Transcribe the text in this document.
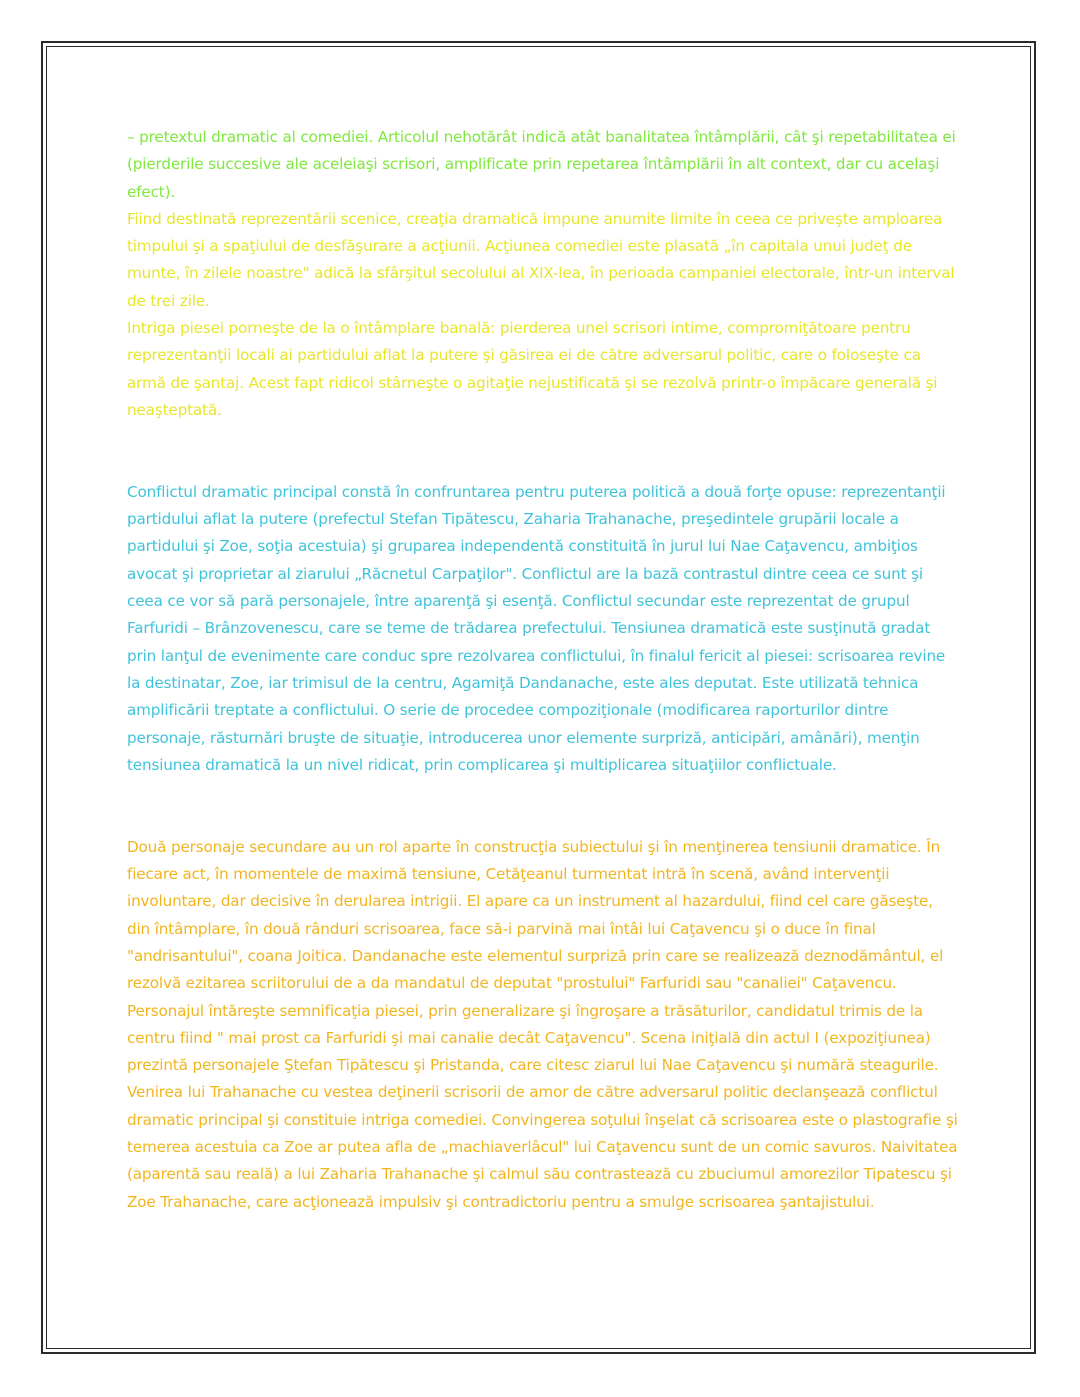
– pretextul dramatic al comediei. Articolul nehotărât indică atât banalitatea întâmplării, cât şi repetabilitatea ei (pierderile succesive ale aceleiaşi scrisori, amplificate prin repetarea întâmplării în alt context, dar cu acelaşi efect).

Fiind destinată reprezentării scenice, creaţia dramatică impune anumite limite în ceea ce priveşte amploarea timpului şi a spaţiului de desfăşurare a acţiunii. Acţiunea comediei este plasată „în capitala unui judeţ de munte, în zilele noastre" adică la sfârşitul secolului al XIX-lea, în perioada campaniei electorale, într-un interval de trei zile.

Intriga piesei porneşte de la o întâmplare banală: pierderea unei scrisori intime, compromiţătoare pentru reprezentanţii locali ai partidului aflat la putere şi găsirea ei de către adversarul politic, care o foloseşte ca armă de şantaj. Acest fapt ridicol stârneşte o agitaţie nejustificată şi se rezolvă printr-o împăcare generală şi neaşteptată.

Conflictul dramatic principal constă în confruntarea pentru puterea politică a două forţe opuse: reprezentanţii partidului aflat la putere (prefectul Stefan Tipătescu, Zaharia Trahanache, preşedintele grupării locale a partidului şi Zoe, soţia acestuia) şi gruparea independentă constituită în jurul lui Nae Caţavencu, ambiţios avocat şi proprietar al ziarului „Răcnetul Carpaţilor". Conflictul are la bază contrastul dintre ceea ce sunt şi ceea ce vor să pară personajele, între aparenţă şi esenţă. Conflictul secundar este reprezentat de grupul Farfuridi – Brânzovenescu, care se teme de trădarea prefectului. Tensiunea dramatică este susţinută gradat prin lanţul de evenimente care conduc spre rezolvarea conflictului, în finalul fericit al piesei: scrisoarea revine la destinatar, Zoe, iar trimisul de la centru, Agamiţă Dandanache, este ales deputat. Este utilizată tehnica amplificării treptate a conflictului. O serie de procedee compoziţionale (modificarea raporturilor dintre personaje, răsturnări bruşte de situaţie, introducerea unor elemente surpriză, anticipări, amânări), menţin tensiunea dramatică la un nivel ridicat, prin complicarea şi multiplicarea situaţiilor conflictuale.

Două personaje secundare au un rol aparte în construcţia subiectului şi în menţinerea tensiunii dramatice. În fiecare act, în momentele de maximă tensiune, Cetăţeanul turmentat intră în scenă, având intervenţii involuntare, dar decisive în derularea intrigii. El apare ca un instrument al hazardului, fiind cel care găseşte, din întâmplare, în două rânduri scrisoarea, face să-i parvină mai întâi lui Caţavencu şi o duce în final "andrisantului", coana Joitica. Dandanache este elementul surpriză prin care se realizează deznodământul, el rezolvă ezitarea scriitorului de a da mandatul de deputat "prostului" Farfuridi sau "canaliei" Caţavencu. Personajul întăreşte semnificaţia piesei, prin generalizare şi îngroşare a trăsăturilor, candidatul trimis de la centru fiind " mai prost ca Farfuridi şi mai canalie decât Caţavencu". Scena iniţială din actul I (expoziţiunea) prezintă personajele Ştefan Tipătescu şi Pristanda, care citesc ziarul lui Nae Caţavencu şi numără steagurile. Venirea lui Trahanache cu vestea deţinerii scrisorii de amor de către adversarul politic declanşează conflictul dramatic principal şi constituie intriga comediei. Convingerea soţului înşelat că scrisoarea este o plastografie şi temerea acestuia ca Zoe ar putea afla de „machiaverlâcul" lui Caţavencu sunt de un comic savuros. Naivitatea (aparentă sau reală) a lui Zaharia Trahanache şi calmul său contrastează cu zbuciumul amorezilor Tipatescu şi Zoe Trahanache, care acţionează impulsiv şi contradictoriu pentru a smulge scrisoarea şantajistului.
